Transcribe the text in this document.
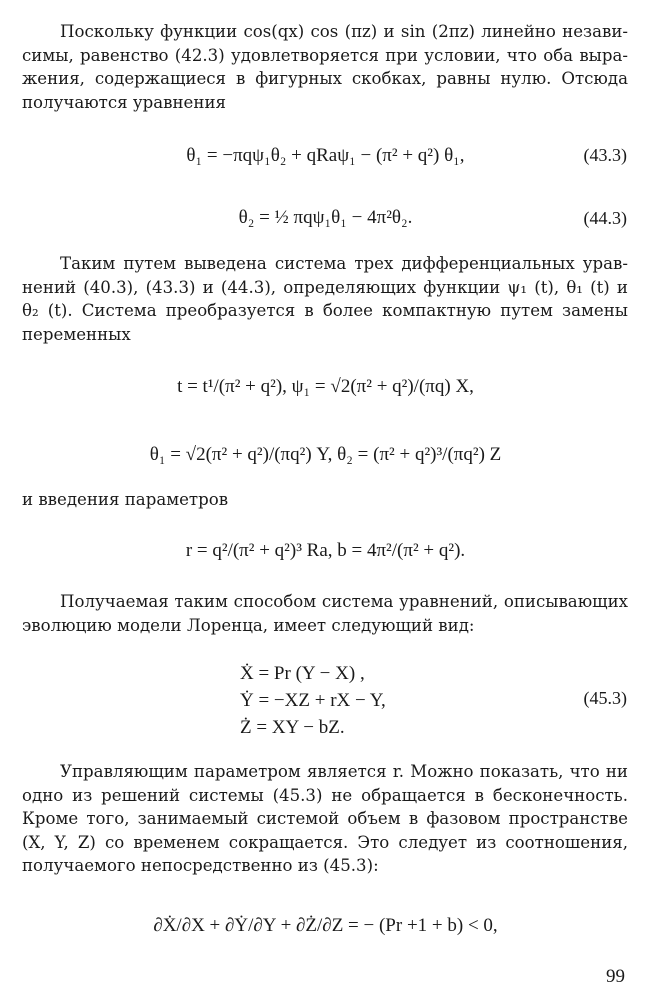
Поскольку функции cos(qx) cos (πz) и sin (2πz) линейно незави- симы, равенство (42.3) удовлетворяется при условии, что оба выра- жения, содержащиеся в фигурных скобках, равны нулю. Отсюда получаются уравнения

θ₁ = −πqψ₁θ₂ + qRaψ₁ − (π² + q²) θ₁,	(43.3)
θ₂ = ½ πqψ₁θ₁ − 4π²θ₂.	(44.3)

Таким путем выведена система трех дифференциальных урав- нений (40.3), (43.3) и (44.3), определяющих функции ψ₁ (t), θ₁ (t) и θ₂ (t). Система преобразуется в более компактную путем замены переменных

t = t¹/(π² + q²), ψ₁ = √2(π² + q²)/(πq) X,
θ₁ = √2(π² + q²)/(πq²) Y, θ₂ = (π² + q²)³/(πq²) Z

и введения параметров

r = q²/(π² + q²)³ Ra, b = 4π²/(π² + q²).

Получаемая таким способом система уравнений, описывающих эволюцию модели Лоренца, имеет следующий вид:

Ẋ = Pr (Y − X) ,
Ẏ = −XZ + rX − Y,
Ż = XY − bZ.
(45.3)

Управляющим параметром является r. Можно показать, что ни одно из решений системы (45.3) не обращается в бесконечность. Кроме того, занимаемый системой объем в фазовом пространстве (X, Y, Z) со временем сокращается. Это следует из соотношения, получаемого непосредственно из (45.3):

∂Ẋ/∂X + ∂Ẏ/∂Y + ∂Ż/∂Z = − (Pr +1 + b) < 0,
99
